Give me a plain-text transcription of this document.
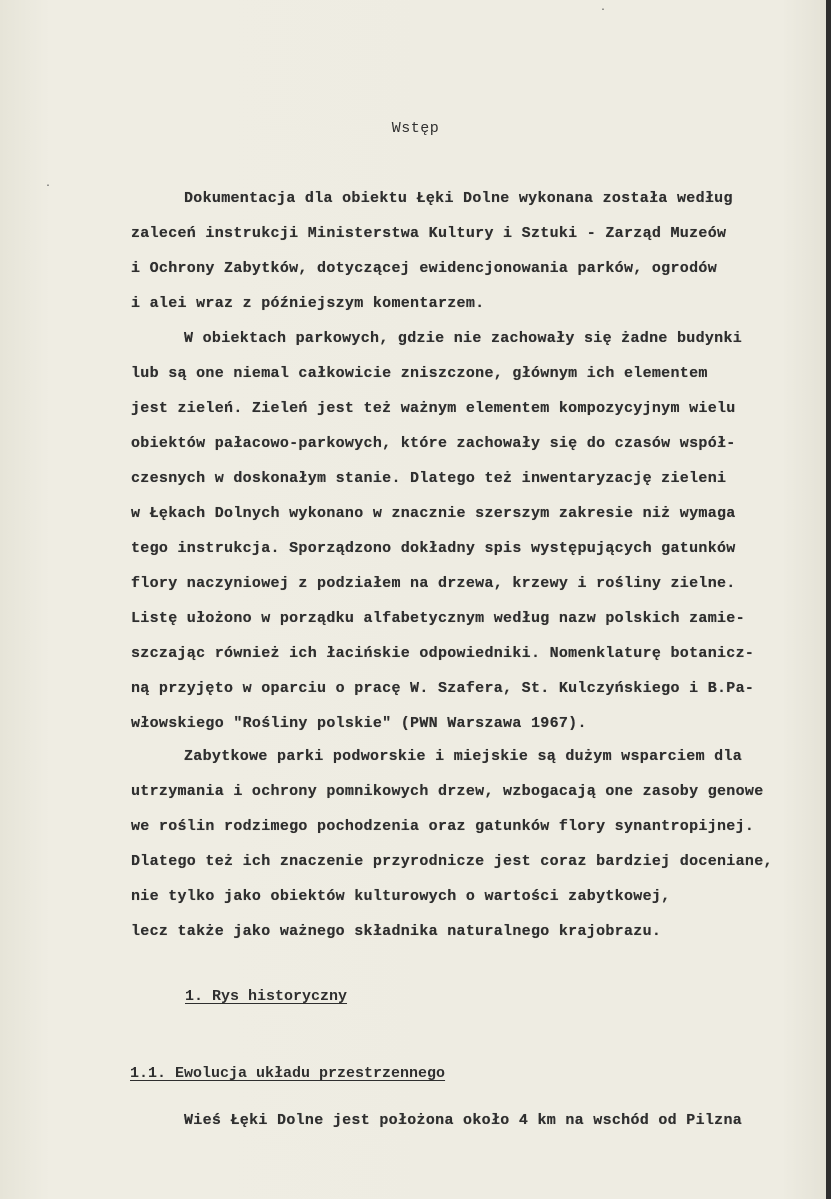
·
·
Wstęp
Dokumentacja dla obiektu Łęki Dolne wykonana została według
zaleceń instrukcji Ministerstwa Kultury i Sztuki - Zarząd Muzeów
i Ochrony Zabytków, dotyczącej ewidencjonowania parków, ogrodów
i alei wraz z późniejszym komentarzem.
W obiektach parkowych, gdzie nie zachowały się żadne budynki
lub są one niemal całkowicie zniszczone, głównym ich elementem
jest zieleń. Zieleń jest też ważnym elementem kompozycyjnym wielu
obiektów pałacowo-parkowych, które zachowały się do czasów współ-
czesnych w doskonałym stanie. Dlatego też inwentaryzację zieleni
w Łękach Dolnych wykonano w znacznie szerszym zakresie niż wymaga
tego instrukcja. Sporządzono dokładny spis występujących gatunków
flory naczyniowej z podziałem na drzewa, krzewy i rośliny zielne.
Listę ułożono w porządku alfabetycznym według nazw polskich zamie-
szczając również ich łacińskie odpowiedniki. Nomenklaturę botanicz-
ną przyjęto w oparciu o pracę W. Szafera, St. Kulczyńskiego i B.Pa-
włowskiego "Rośliny polskie" (PWN Warszawa 1967).
Zabytkowe parki podworskie i miejskie są dużym wsparciem dla
utrzymania i ochrony pomnikowych drzew, wzbogacają one zasoby genowe
we roślin rodzimego pochodzenia oraz gatunków flory synantropijnej.
Dlatego też ich znaczenie przyrodnicze jest coraz bardziej doceniane,
nie tylko jako obiektów kulturowych o wartości zabytkowej,
lecz także jako ważnego składnika naturalnego krajobrazu.
1. Rys historyczny
1.1. Ewolucja układu przestrzennego
Wieś Łęki Dolne jest położona około 4 km na wschód od Pilzna
